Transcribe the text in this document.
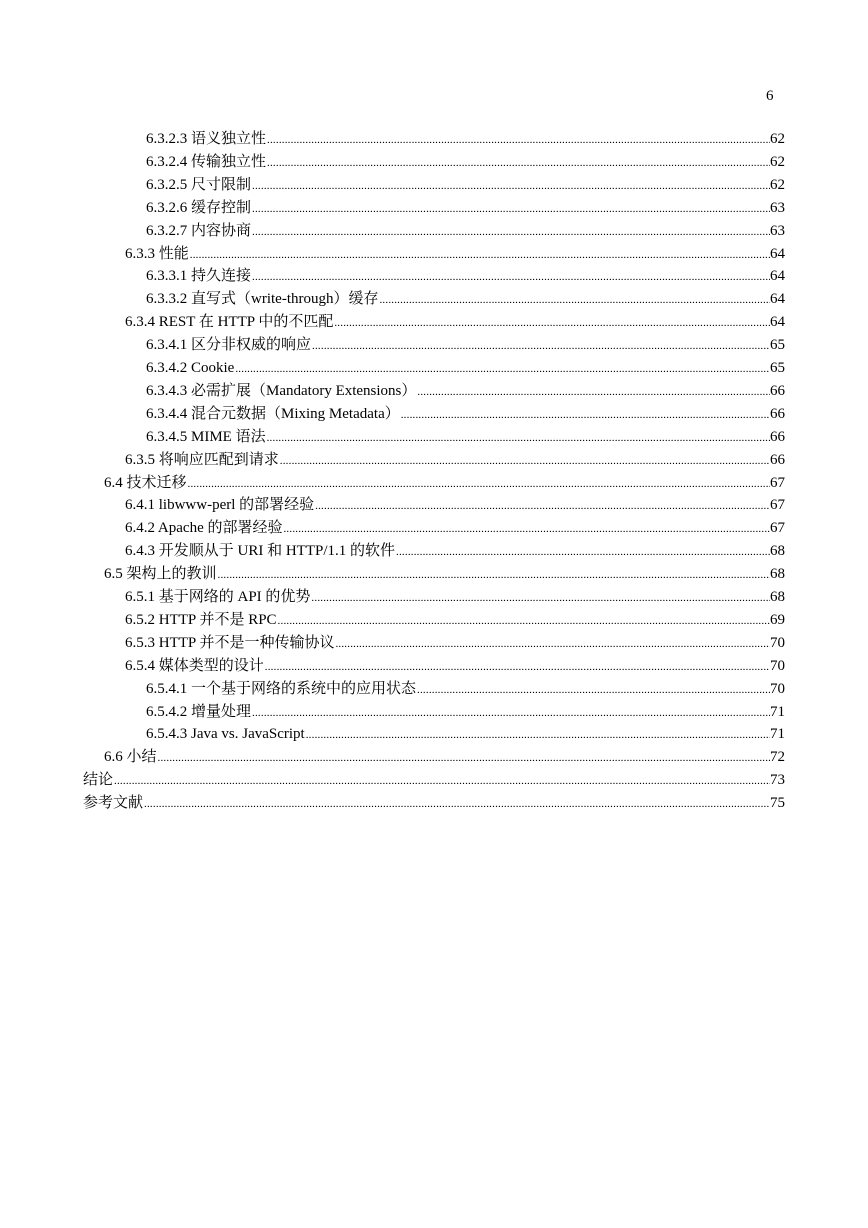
6
6.3.2.3 语义独立性 .....	62
6.3.2.4 传输独立性 .....	62
6.3.2.5 尺寸限制 .....	62
6.3.2.6 缓存控制 .....	63
6.3.2.7 内容协商 .....	63
6.3.3 性能 .....	64
6.3.3.1 持久连接 .....	64
6.3.3.2 直写式（write-through）缓存 .....	64
6.3.4 REST 在 HTTP 中的不匹配 .....	64
6.3.4.1 区分非权威的响应 .....	65
6.3.4.2 Cookie .....	65
6.3.4.3 必需扩展（Mandatory Extensions） .....	66
6.3.4.4 混合元数据（Mixing Metadata） .....	66
6.3.4.5 MIME 语法 .....	66
6.3.5 将响应匹配到请求 .....	66
6.4 技术迁移 .....	67
6.4.1 libwww-perl 的部署经验 .....	67
6.4.2 Apache 的部署经验 .....	67
6.4.3 开发顺从于 URI 和 HTTP/1.1 的软件 .....	68
6.5 架构上的教训 .....	68
6.5.1 基于网络的 API 的优势 .....	68
6.5.2 HTTP 并不是 RPC .....	69
6.5.3 HTTP 并不是一种传输协议 .....	70
6.5.4 媒体类型的设计 .....	70
6.5.4.1 一个基于网络的系统中的应用状态 .....	70
6.5.4.2 增量处理 .....	71
6.5.4.3 Java vs. JavaScript .....	71
6.6 小结 .....	72
结论 .....	73
参考文献 .....	75
